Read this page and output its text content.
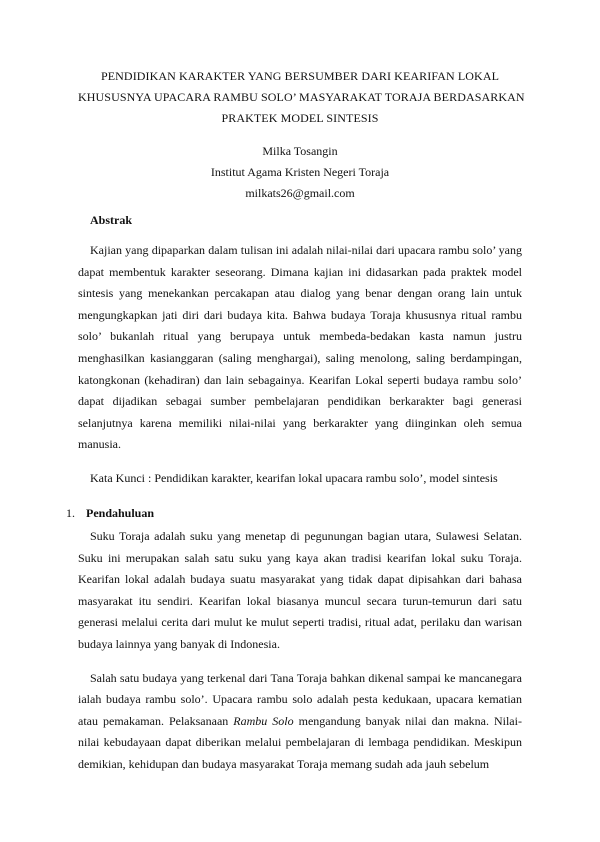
PENDIDIKAN KARAKTER YANG BERSUMBER DARI KEARIFAN LOKAL
KHUSUSNYA UPACARA RAMBU SOLO’ MASYARAKAT TORAJA BERDASARKAN
PRAKTEK MODEL SINTESIS
Milka Tosangin
Institut Agama Kristen Negeri Toraja
milkats26@gmail.com
Abstrak

Kajian yang dipaparkan dalam tulisan ini adalah nilai-nilai dari upacara rambu solo’ yang dapat membentuk karakter seseorang. Dimana kajian ini didasarkan pada praktek model sintesis yang menekankan percakapan atau dialog yang benar dengan orang lain untuk mengungkapkan jati diri dari budaya kita. Bahwa budaya Toraja khususnya ritual rambu solo’ bukanlah ritual yang berupaya untuk membeda-bedakan kasta namun justru menghasilkan kasianggaran (saling menghargai), saling menolong, saling berdampingan, katongkonan (kehadiran) dan lain sebagainya. Kearifan Lokal seperti budaya rambu solo’ dapat dijadikan sebagai sumber pembelajaran pendidikan berkarakter bagi generasi selanjutnya karena memiliki nilai-nilai yang berkarakter yang diinginkan oleh semua manusia.

Kata Kunci : Pendidikan karakter, kearifan lokal upacara rambu solo’, model sintesis
1. Pendahuluan

Suku Toraja adalah suku yang menetap di pegunungan bagian utara, Sulawesi Selatan. Suku ini merupakan salah satu suku yang kaya akan tradisi kearifan lokal suku Toraja. Kearifan lokal adalah budaya suatu masyarakat yang tidak dapat dipisahkan dari bahasa masyarakat itu sendiri. Kearifan lokal biasanya muncul secara turun-temurun dari satu generasi melalui cerita dari mulut ke mulut seperti tradisi, ritual adat, perilaku dan warisan budaya lainnya yang banyak di Indonesia.

Salah satu budaya yang terkenal dari Tana Toraja bahkan dikenal sampai ke mancanegara ialah budaya rambu solo’. Upacara rambu solo adalah pesta kedukaan, upacara kematian atau pemakaman. Pelaksanaan Rambu Solo mengandung banyak nilai dan makna. Nilai-nilai kebudayaan dapat diberikan melalui pembelajaran di lembaga pendidikan. Meskipun demikian, kehidupan dan budaya masyarakat Toraja memang sudah ada jauh sebelum
